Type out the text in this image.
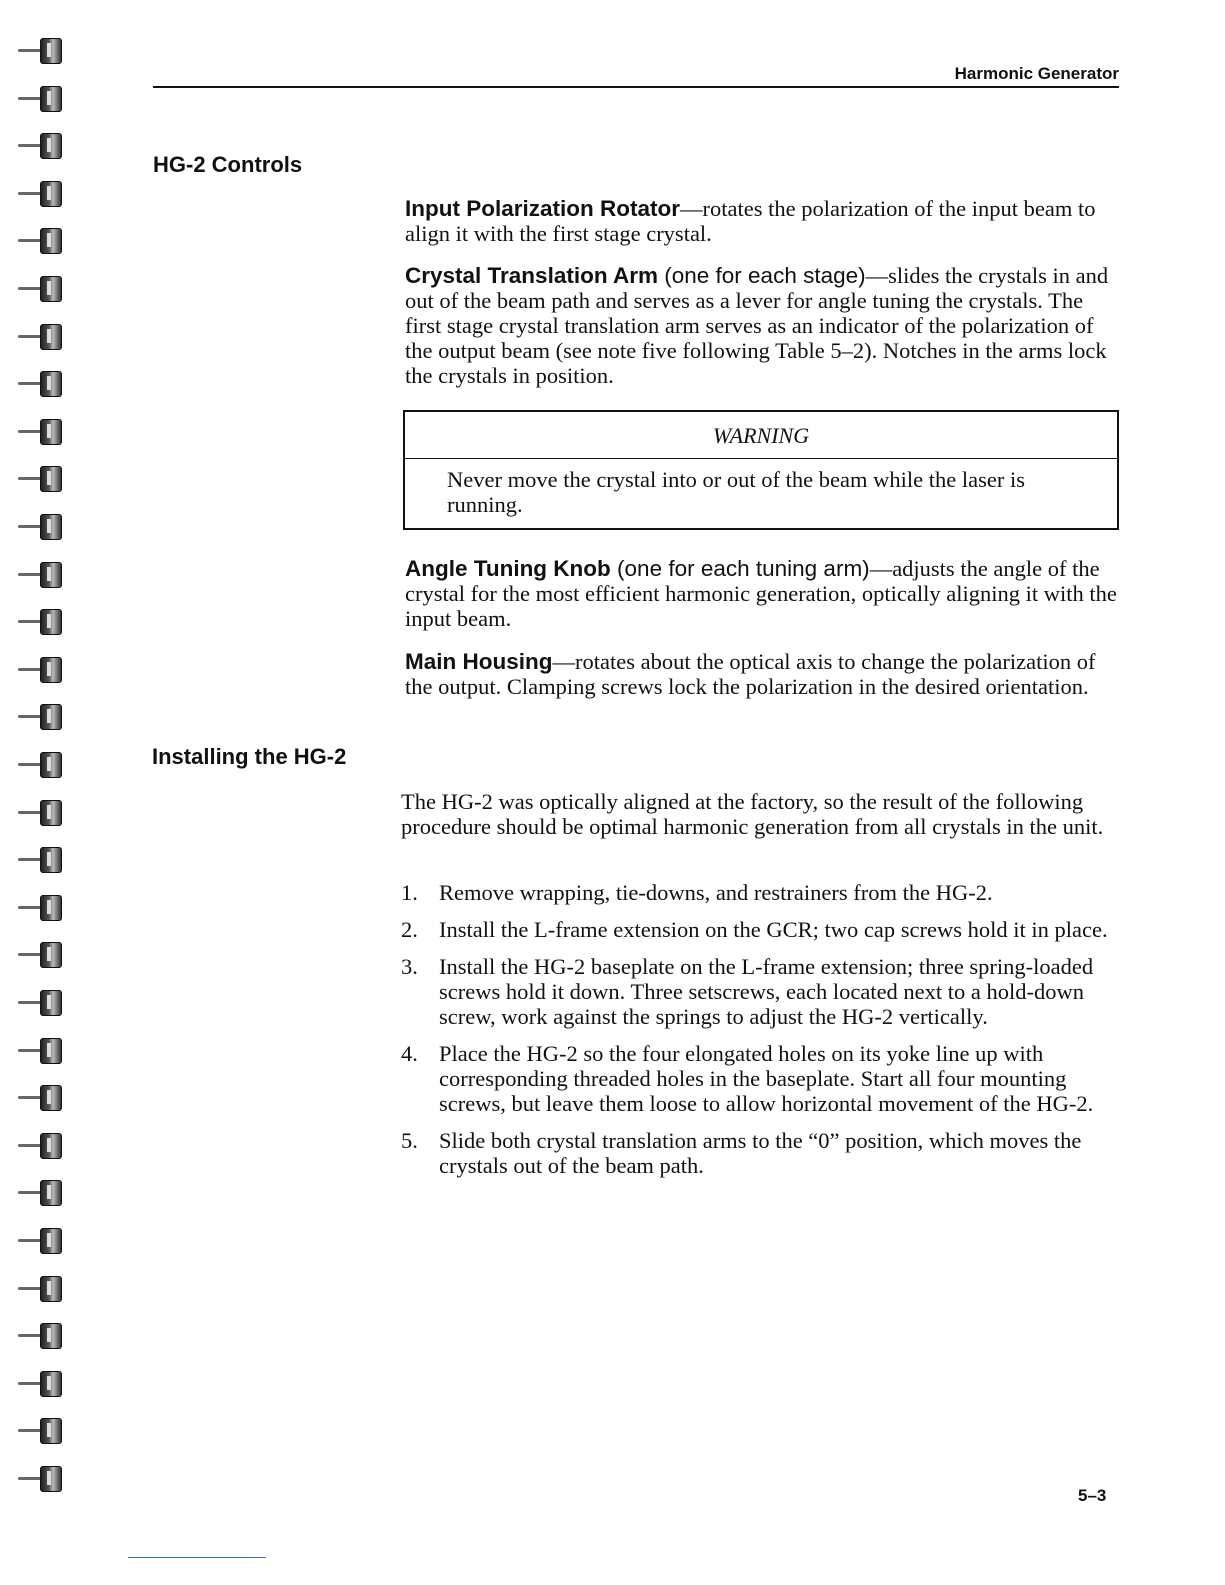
Harmonic Generator
HG-2 Controls

Input Polarization Rotator—rotates the polarization of the input beam to align it with the first stage crystal.

Crystal Translation Arm (one for each stage)—slides the crystals in and out of the beam path and serves as a lever for angle tuning the crystals. The first stage crystal translation arm serves as an indicator of the polarization of the output beam (see note five following Table 5–2). Notches in the arms lock the crystals in position.

WARNING
Never move the crystal into or out of the beam while the laser is running.

Angle Tuning Knob (one for each tuning arm)—adjusts the angle of the crystal for the most efficient harmonic generation, optically aligning it with the input beam.

Main Housing—rotates about the optical axis to change the polarization of the output. Clamping screws lock the polarization in the desired orientation.

Installing the HG-2

The HG-2 was optically aligned at the factory, so the result of the following procedure should be optimal harmonic generation from all crystals in the unit.

1. Remove wrapping, tie-downs, and restrainers from the HG-2.
2. Install the L-frame extension on the GCR; two cap screws hold it in place.
3. Install the HG-2 baseplate on the L-frame extension; three spring-loaded screws hold it down. Three setscrews, each located next to a hold-down screw, work against the springs to adjust the HG-2 vertically.
4. Place the HG-2 so the four elongated holes on its yoke line up with corresponding threaded holes in the baseplate. Start all four mounting screws, but leave them loose to allow horizontal movement of the HG-2.
5. Slide both crystal translation arms to the “0” position, which moves the crystals out of the beam path.
5–3
